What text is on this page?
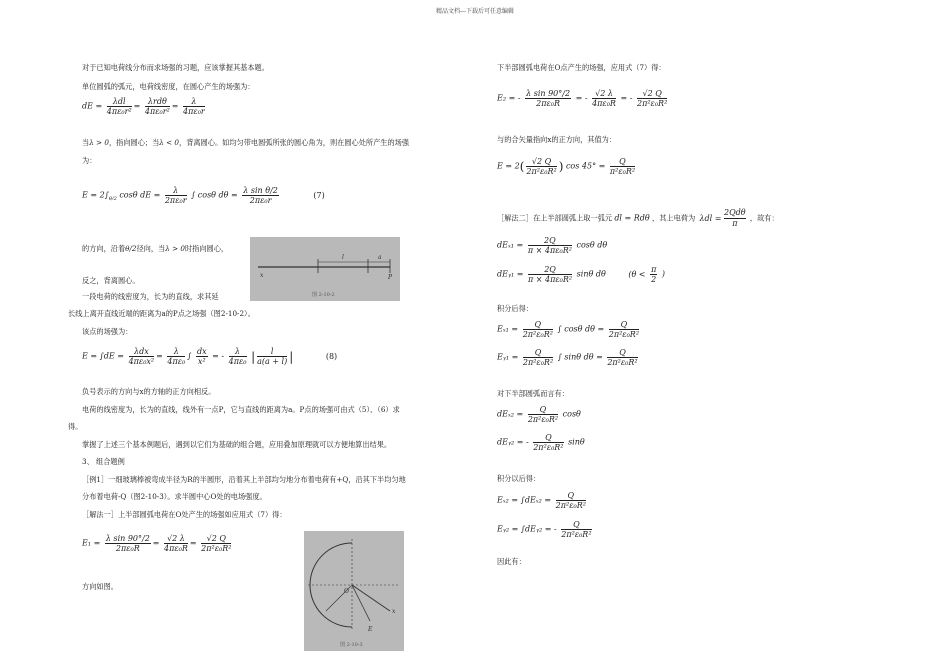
精品文档---下载后可任意编辑
对于已知电荷线分布而求场强的习题，应该掌握其基本题。
单位圆弧的弧元，电荷线密度，在圆心产生的场强为：
dE = $\frac{\text{λdl}}{\text{4πε₀r²}} = \frac{\text{λrdθ}}{\text{4πε₀r²}} = \frac{\lambda}{\text{4πε₀r}}$
当λ > 0，指向圆心；当λ < 0，背离圆心。如均匀带电圆弧所张的圆心角为，则在圆心处所产生的场强
为：
$E = 2\int_{\theta/2}$ cosθ dE = $\frac{\lambda}{\text{2πε₀r}}$ ∫ cosθ $d\theta = \frac{\text{λ sin θ/2}}{\text{2πε₀r}}$	(7)
的方向，沿着θ/2径向，当λ > 0时指向圆心，
反之，背离圆心。
l	a
x	P
图 2-10-2
一段电荷的线密度为，长为的直线，求其延
长线上离开直线近端的距离为a的P点之场强（图2-10-2）。
该点的场强为：
$E = \int dE = \frac{\text{λdx}}{\text{4πε₀x²}} = \frac{\lambda}{\text{4πε₀}}$ ∫ $\frac{dx}{\text{x²}}$ = - $\frac{\lambda}{\text{4πε₀}}$ | $\frac{l}{a(a + l)}$ |	(8)
负号表示的方向与x的方轴的正方向相反。
电荷的线密度为，长为的直线，线外有一点P，它与直线的距离为a。P点的场强可由式（5）、（6）求
得。
掌握了上述三个基本例题后，遇到以它们为基础的组合题，应用叠加原理就可以方便地算出结果。
3、 组合题例
［例1］一细玻璃棒被弯成半径为R的半圆形，沿着其上半部均匀地分布着电荷有+Q，沿其下半均匀地
分布着电荷-Q（图2-10-3）。求半圆中心O处的电场强度。
［解法一］上半部圆弧电荷在O处产生的场强如应用式（7）得：
$E_1 = \frac{\text{λ sin 90°/2}}{\text{2πε₀R}} = \frac{√2 \lambda}{\text{4πε₀R}} = \frac{√2 Q}{\text{2π²ε₀R²}}$
方向如图。
O
x
E
图 2-10-3
下半部圆弧电荷在O点产生的场强，应用式（7）得：
E₂ = - $\frac{\text{λ sin 90°/2}}{\text{2πε₀R}}$ = - $\frac{√2 \lambda}{\text{4πε₀R}}$ = - $\frac{√2 Q}{\text{2π²ε₀R²}}$
与的合矢量指向x的正方向，其值为：
$E = 2( \frac{√2 Q}{\text{2π²ε₀R²}}$ ) $\cos 45^\circ = \frac{Q}{\text{π²ε₀R²}}$
［解法二］在上半部圆弧上取一弧元 dl = Rdθ ，其上电荷为 λdl =
2Qdθ
π
，故有：
$dE_{x1} = \frac{2Q}{\text{π × 4πε₀R²}}$ cosθ dθ
dEᵧ₁ = $\frac{2Q}{\text{π × 4πε₀R²}}$ sinθ dθ	($\theta < \frac{\pi}{2}$ )
积分后得：
$E_{x1} = \frac{Q}{\text{2π²ε₀R²}}$ ∫ cosθ $d\theta = \frac{Q}{\text{2π²ε₀R²}}$
Eᵧ₁ = $\frac{Q}{\text{2π²ε₀R²}}$ ∫ sinθ $d\theta = \frac{Q}{\text{2π²ε₀R²}}$
对下半部圆弧而言有：
$dE_{x2} = \frac{Q}{\text{2π²ε₀R²}}$ cosθ
dEᵧ₂ = - $\frac{Q}{\text{2π²ε₀R²}}$ sinθ
积分以后得：
$E_{x2} = \int dE_{x2} = \frac{Q}{\text{2π²ε₀R²}}$
Eᵧ₂ = ∫dEᵧ₂ = - $\frac{Q}{\text{2π²ε₀R²}}$
因此有：
